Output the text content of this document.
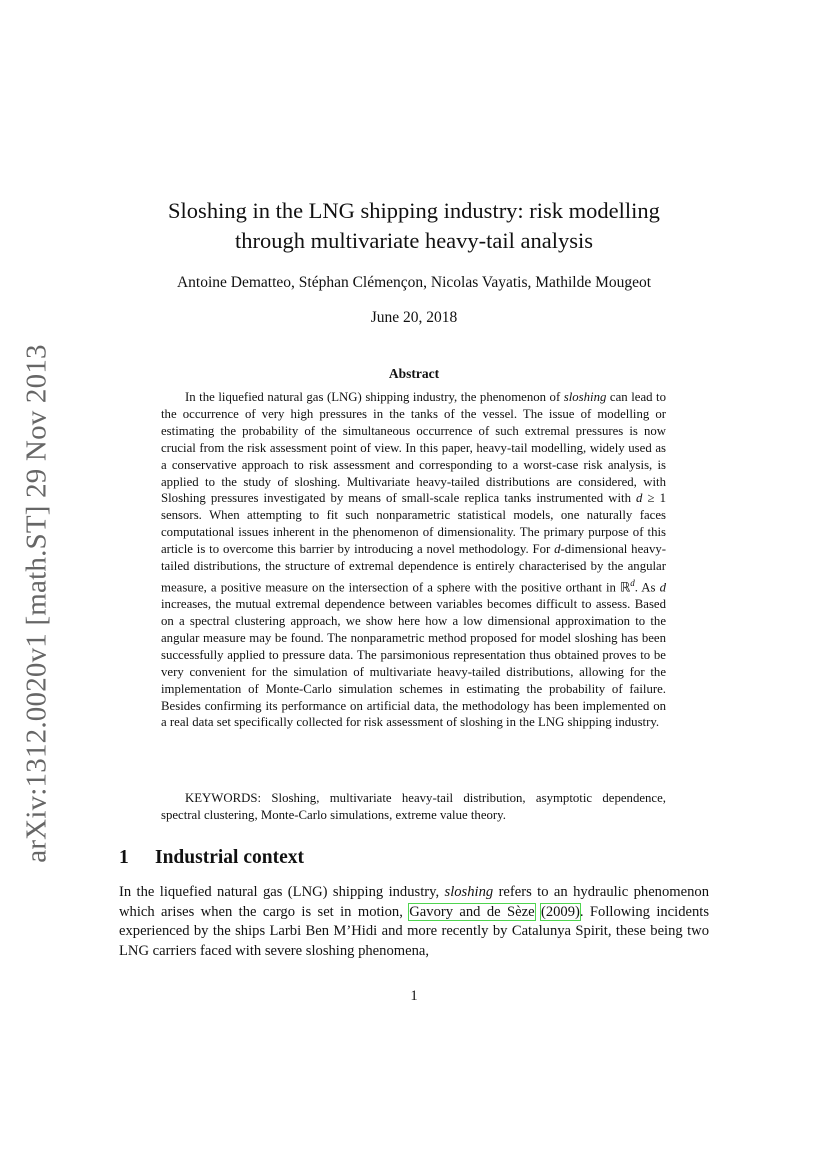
arXiv:1312.0020v1 [math.ST] 29 Nov 2013
Sloshing in the LNG shipping industry: risk modelling
through multivariate heavy-tail analysis
Antoine Dematteo, Stéphan Clémençon, Nicolas Vayatis, Mathilde Mougeot
June 20, 2018
Abstract
In the liquefied natural gas (LNG) shipping industry, the phenomenon of sloshing can lead to the occurrence of very high pressures in the tanks of the vessel. The issue of modelling or estimating the probability of the simultaneous occurrence of such extremal pressures is now crucial from the risk assessment point of view. In this paper, heavy-tail modelling, widely used as a conservative approach to risk assessment and corresponding to a worst-case risk analysis, is applied to the study of sloshing. Multivariate heavy-tailed distributions are considered, with Sloshing pressures investigated by means of small-scale replica tanks instrumented with d ≥ 1 sensors. When attempting to fit such nonparametric statistical models, one naturally faces computational issues inherent in the phenomenon of dimensionality. The primary purpose of this article is to overcome this barrier by introducing a novel methodology. For d-dimensional heavy-tailed distributions, the structure of extremal dependence is entirely characterised by the angular measure, a positive measure on the intersection of a sphere with the positive orthant in ℝ$^d$. As d increases, the mutual extremal dependence between variables becomes difficult to assess. Based on a spectral clustering approach, we show here how a low dimensional approximation to the angular measure may be found. The nonparametric method proposed for model sloshing has been successfully applied to pressure data. The parsimonious representation thus obtained proves to be very convenient for the simulation of multivariate heavy-tailed distributions, allowing for the implementation of Monte-Carlo simulation schemes in estimating the probability of failure. Besides confirming its performance on artificial data, the methodology has been implemented on a real data set specifically collected for risk assessment of sloshing in the LNG shipping industry.
KEYWORDS: Sloshing, multivariate heavy-tail distribution, asymptotic dependence, spectral clustering, Monte-Carlo simulations, extreme value theory.
1 Industrial context
In the liquefied natural gas (LNG) shipping industry, sloshing refers to an hydraulic phenomenon which arises when the cargo is set in motion, Gavory and de Sèze (2009). Following incidents experienced by the ships Larbi Ben M’Hidi and more recently by Catalunya Spirit, these being two LNG carriers faced with severe sloshing phenomena,
1
